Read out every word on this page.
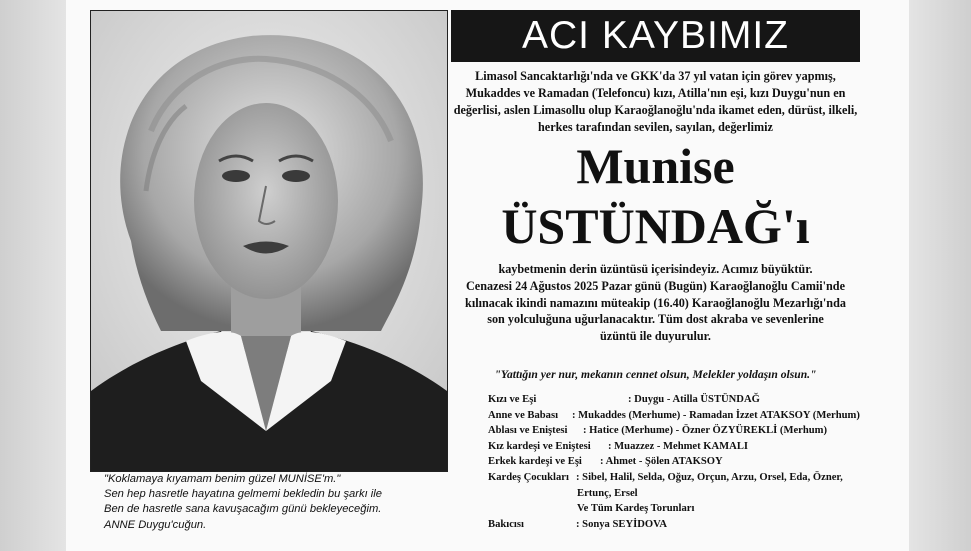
"Koklamaya kıyamam benim güzel MUNİSE'm."
Sen hep hasretle hayatına gelmemi bekledin bu şarkı ile
Ben de hasretle sana kavuşacağım günü bekleyeceğim.
ANNE Duygu'cuğun.
ACI KAYBIMIZ
Limasol Sancaktarlığı'nda ve GKK'da 37 yıl vatan için görev yapmış,
Mukaddes ve Ramadan (Telefoncu) kızı, Atilla'nın eşi, kızı Duygu'nun en
değerlisi, aslen Limasollu olup Karaoğlanoğlu'nda ikamet eden, dürüst, ilkeli,
herkes tarafından sevilen, sayılan, değerlimiz
Munise
ÜSTÜNDAĞ'ı
kaybetmenin derin üzüntüsü içerisindeyiz. Acımız büyüktür.
Cenazesi 24 Ağustos 2025 Pazar günü (Bugün) Karaoğlanoğlu Camii'nde
kılınacak ikindi namazını müteakip (16.40) Karaoğlanoğlu Mezarlığı'nda
son yolculuğuna uğurlanacaktır. Tüm dost akraba ve sevenlerine
üzüntü ile duyurulur.
"Yattığın yer nur, mekanın cennet olsun, Melekler yoldaşın olsun."
Kızı ve Eşi	: Duygu - Atilla ÜSTÜNDAĞ
Anne ve Babası	: Mukaddes (Merhume) - Ramadan İzzet ATAKSOY (Merhum)
Ablası ve Eniştesi	: Hatice (Merhume) - Özner ÖZYÜREKLİ (Merhum)
Kız kardeşi ve Eniştesi	: Muazzez - Mehmet KAMALI
Erkek kardeşi ve Eşi	: Ahmet - Şölen ATAKSOY
Kardeş Çocukları : Sibel, Halil, Selda, Oğuz, Orçun, Arzu, Orsel, Eda, Özner,
Ertunç, Ersel
Ve Tüm Kardeş Torunları
Bakıcısı	: Sonya SEYİDOVA
